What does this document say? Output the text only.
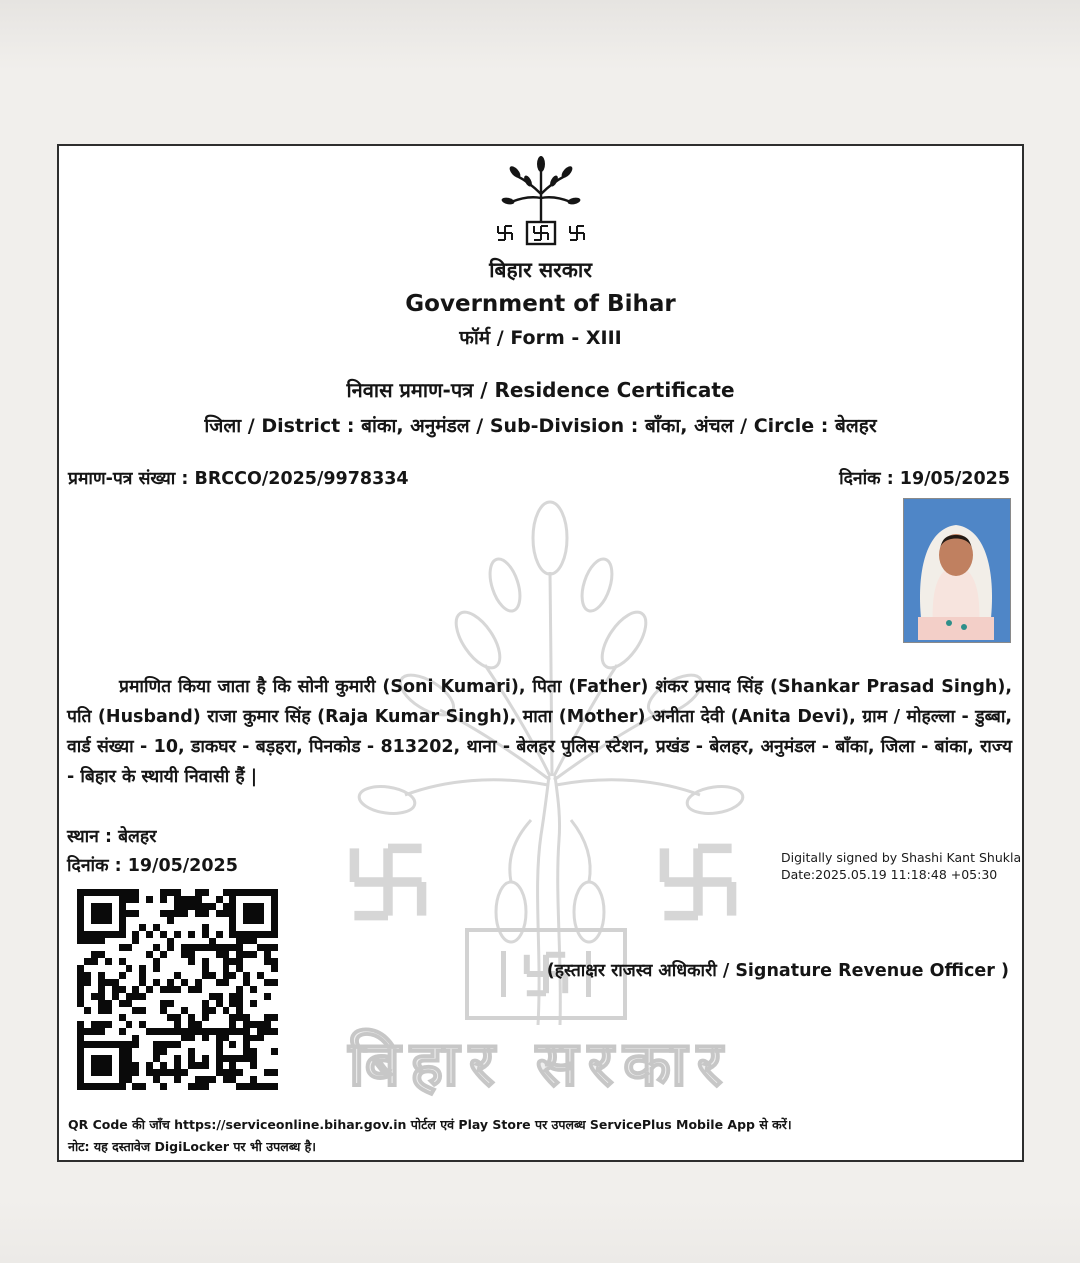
बिहार सरकार
बिहार सरकार
Government of Bihar
फॉर्म / Form - XIII
निवास प्रमाण-पत्र / Residence Certificate
जिला / District : बांका, अनुमंडल / Sub-Division : बाँका, अंचल / Circle : बेलहर
प्रमाण-पत्र संख्या : BRCCO/2025/9978334	दिनांक : 19/05/2025

प्रमाणित किया जाता है कि सोनी कुमारी (Soni Kumari), पिता (Father) शंकर प्रसाद सिंह (Shankar Prasad Singh), पति (Husband) राजा कुमार सिंह (Raja Kumar Singh), माता (Mother) अनीता देवी (Anita Devi), ग्राम / मोहल्ला - डुब्बा, वार्ड संख्या - 10, डाकघर - बड़हरा, पिनकोड - 813202, थाना - बेलहर पुलिस स्टेशन, प्रखंड - बेलहर, अनुमंडल - बाँका, जिला - बांका, राज्य - बिहार के स्थायी निवासी हैं |

स्थान : बेलहर
दिनांक : 19/05/2025	Digitally signed by Shashi Kant Shukla
Date:2025.05.19 11:18:48 +05:30
(हस्ताक्षर राजस्व अधिकारी / Signature Revenue Officer )
QR Code की जाँच https://serviceonline.bihar.gov.in पोर्टल एवं Play Store पर उपलब्ध ServicePlus Mobile App से करें।
नोट: यह दस्तावेज DigiLocker पर भी उपलब्ध है।
